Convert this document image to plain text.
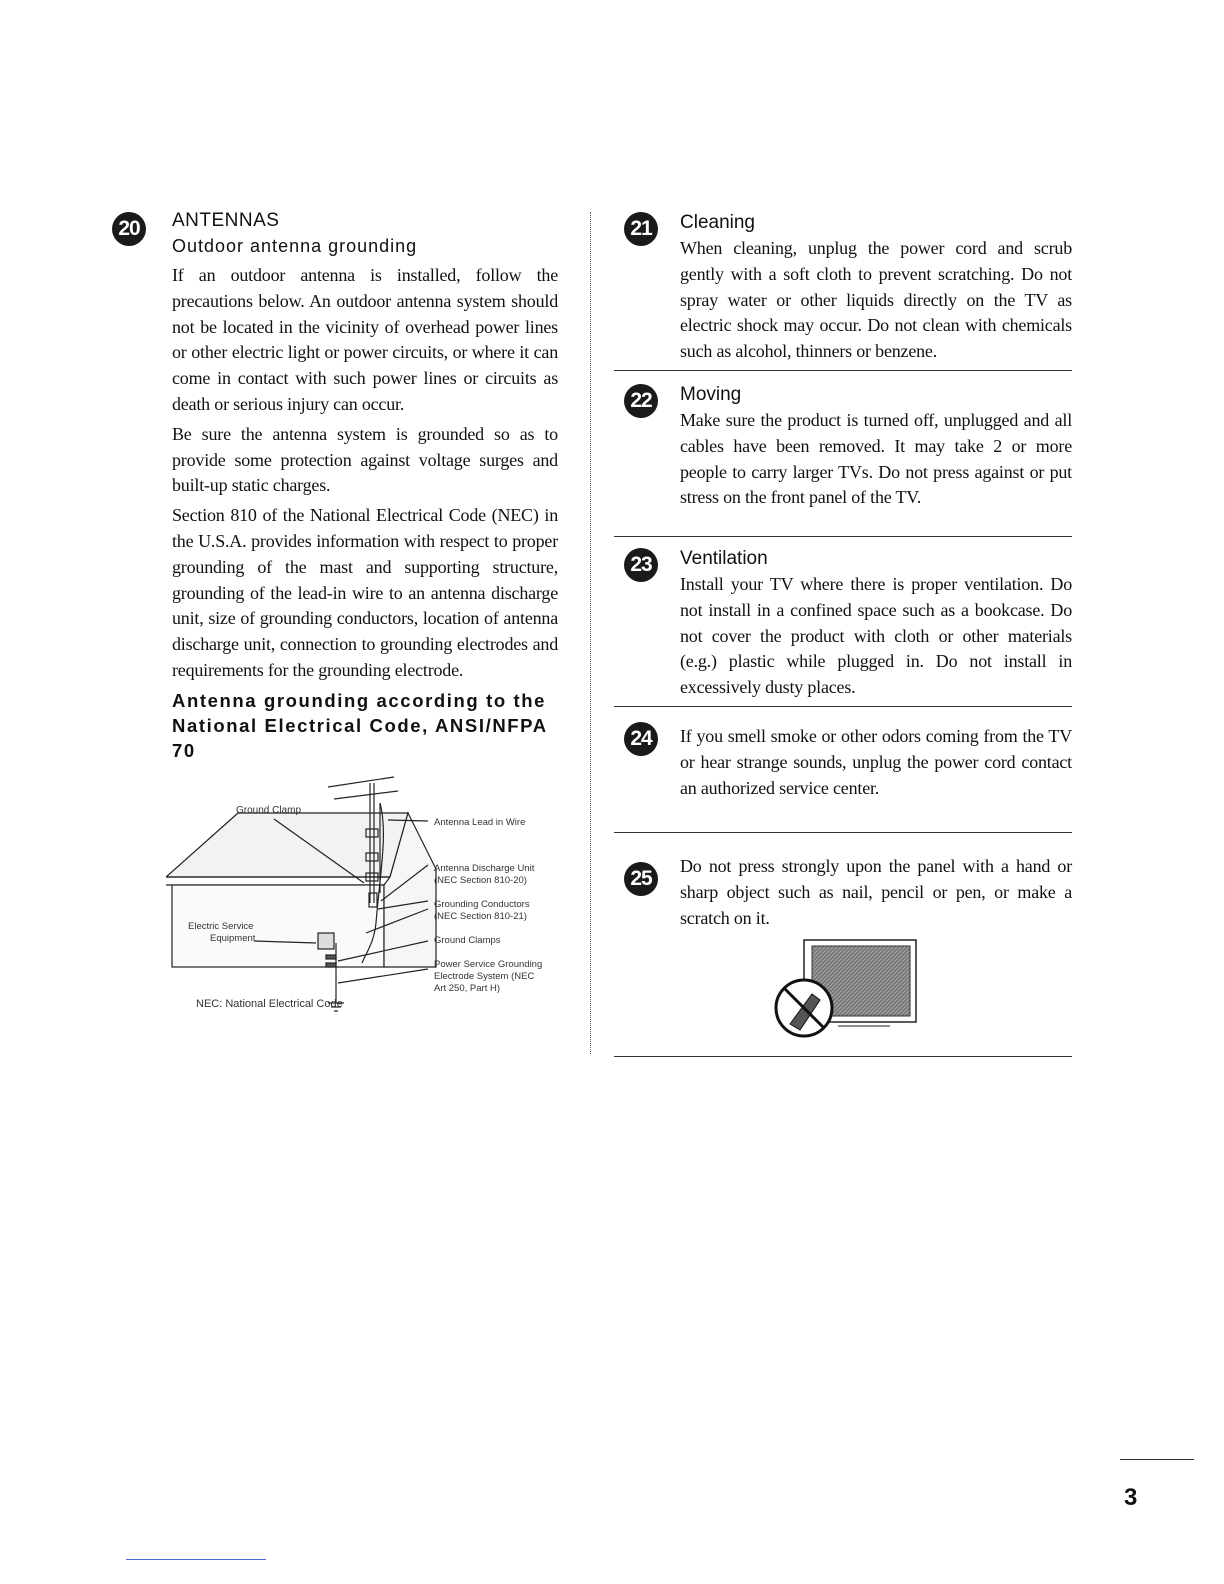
20	ANTENNAS
Outdoor antenna grounding

If an outdoor antenna is installed, follow the precautions below. An outdoor antenna system should not be located in the vicinity of overhead power lines or other electric light or power circuits, or where it can come in contact with such power lines or circuits as death or serious injury can occur.

Be sure the antenna system is grounded so as to provide some protection against voltage surges and built-up static charges.

Section 810 of the National Electrical Code (NEC) in the U.S.A. provides information with respect to proper grounding of the mast and supporting structure, grounding of the lead-in wire to an antenna discharge unit, size of grounding conductors, location of antenna discharge unit, connection to grounding electrodes and requirements for the grounding electrode.

Antenna grounding according to the National Electrical Code, ANSI/NFPA 70
Ground Clamp
Antenna Lead in Wire
Antenna Discharge Unit
(NEC Section 810-20)
Grounding Conductors
(NEC Section 810-21)
Electric Service
Equipment	Ground Clamps
Power Service Grounding
Electrode System (NEC
Art 250, Part H)
NEC: National Electrical Code
21	Cleaning

When cleaning, unplug the power cord and scrub gently with a soft cloth to prevent scratching. Do not spray water or other liquids directly on the TV as electric shock may occur. Do not clean with chemicals such as alcohol, thinners or benzene.

22	Moving

Make sure the product is turned off, unplugged and all cables have been removed. It may take 2 or more people to carry larger TVs. Do not press against or put stress on the front panel of the TV.

23	Ventilation

Install your TV where there is proper ventilation. Do not install in a confined space such as a bookcase. Do not cover the product with cloth or other materials (e.g.) plastic while plugged in. Do not install in excessively dusty places.

24	If you smell smoke or other odors coming from the TV or hear strange sounds, unplug the power cord contact an authorized service center.

25

Do not press strongly upon the panel with a hand or sharp object such as nail, pencil or pen, or make a scratch on it.

3
